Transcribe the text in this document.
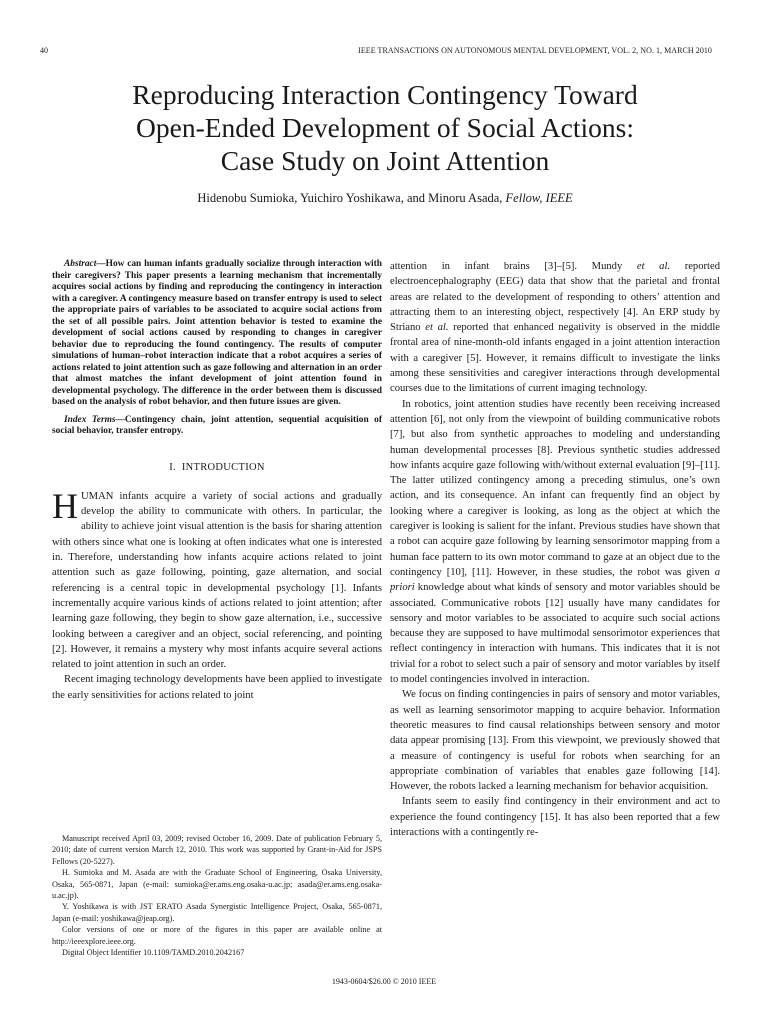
40	IEEE TRANSACTIONS ON AUTONOMOUS MENTAL DEVELOPMENT, VOL. 2, NO. 1, MARCH 2010
Reproducing Interaction Contingency Toward
Open-Ended Development of Social Actions:
Case Study on Joint Attention
Hidenobu Sumioka, Yuichiro Yoshikawa, and Minoru Asada, Fellow, IEEE

Abstract—How can human infants gradually socialize through interaction with their caregivers? This paper presents a learning mechanism that incrementally acquires social actions by finding and reproducing the contingency in interaction with a caregiver. A contingency measure based on transfer entropy is used to select the appropriate pairs of variables to be associated to acquire social actions from the set of all possible pairs. Joint attention behavior is tested to examine the development of social actions caused by responding to changes in caregiver behavior due to reproducing the found contingency. The results of computer simulations of human–robot interaction indicate that a robot acquires a series of actions related to joint attention such as gaze following and alternation in an order that almost matches the infant development of joint attention found in developmental psychology. The difference in the order between them is discussed based on the analysis of robot behavior, and then future issues are given.

Index Terms—Contingency chain, joint attention, sequential acquisition of social behavior, transfer entropy.

I. INTRODUCTION

HUMAN infants acquire a variety of social actions and gradually develop the ability to communicate with others. In particular, the ability to achieve joint visual attention is the basis for sharing attention with others since what one is looking at often indicates what one is interested in. Therefore, understanding how infants acquire actions related to joint attention such as gaze following, pointing, gaze alternation, and social referencing is a central topic in developmental psychology [1]. Infants incrementally acquire various kinds of actions related to joint attention; after learning gaze following, they begin to show gaze alternation, i.e., successive looking between a caregiver and an object, social referencing, and pointing [2]. However, it remains a mystery why most infants acquire several actions related to joint attention in such an order.

Recent imaging technology developments have been applied to investigate the early sensitivities for actions related to joint

Manuscript received April 03, 2009; revised October 16, 2009. Date of publication February 5, 2010; date of current version March 12, 2010. This work was supported by Grant-in-Aid for JSPS Fellows (20-5227).

H. Sumioka and M. Asada are with the Graduate School of Engineering, Osaka University, Osaka, 565-0871, Japan (e-mail: sumioka@er.ams.eng.osaka-u.ac.jp; asada@er.ams.eng.osaka-u.ac.jp).

Y. Yoshikawa is with JST ERATO Asada Synergistic Intelligence Project, Osaka, 565-0871, Japan (e-mail: yoshikawa@jeap.org).

Color versions of one or more of the figures in this paper are available online at http://ieeexplore.ieee.org.

Digital Object Identifier 10.1109/TAMD.2010.2042167

attention in infant brains [3]–[5]. Mundy et al. reported electroencephalography (EEG) data that show that the parietal and frontal areas are related to the development of responding to others’ attention and attracting them to an interesting object, respectively [4]. An ERP study by Striano et al. reported that enhanced negativity is observed in the middle frontal area of nine-month-old infants engaged in a joint attention interaction with a caregiver [5]. However, it remains difficult to investigate the links among these sensitivities and caregiver interactions through developmental courses due to the limitations of current imaging technology.

In robotics, joint attention studies have recently been receiving increased attention [6], not only from the viewpoint of building communicative robots [7], but also from synthetic approaches to modeling and understanding human developmental processes [8]. Previous synthetic studies addressed how infants acquire gaze following with/without external evaluation [9]–[11]. The latter utilized contingency among a preceding stimulus, one’s own action, and its consequence. An infant can frequently find an object by looking where a caregiver is looking, as long as the object at which the caregiver is looking is salient for the infant. Previous studies have shown that a robot can acquire gaze following by learning sensorimotor mapping from a human face pattern to its own motor command to gaze at an object due to the contingency [10], [11]. However, in these studies, the robot was given a priori knowledge about what kinds of sensory and motor variables should be associated. Communicative robots [12] usually have many candidates for sensory and motor variables to be associated to acquire such social actions because they are supposed to have multimodal sensorimotor experiences that reflect contingency in interaction with humans. This indicates that it is not trivial for a robot to select such a pair of sensory and motor variables by itself to model contingencies involved in interaction.

We focus on finding contingencies in pairs of sensory and motor variables, as well as learning sensorimotor mapping to acquire behavior. Information theoretic measures to find causal relationships between sensory and motor data appear promising [13]. From this viewpoint, we previously showed that a measure of contingency is useful for robots when searching for an appropriate combination of variables that enables gaze following [14]. However, the robots lacked a learning mechanism for behavior acquisition.

Infants seem to easily find contingency in their environment and act to experience the found contingency [15]. It has also been reported that a few interactions with a contingently re-

1943-0604/$26.00 © 2010 IEEE
